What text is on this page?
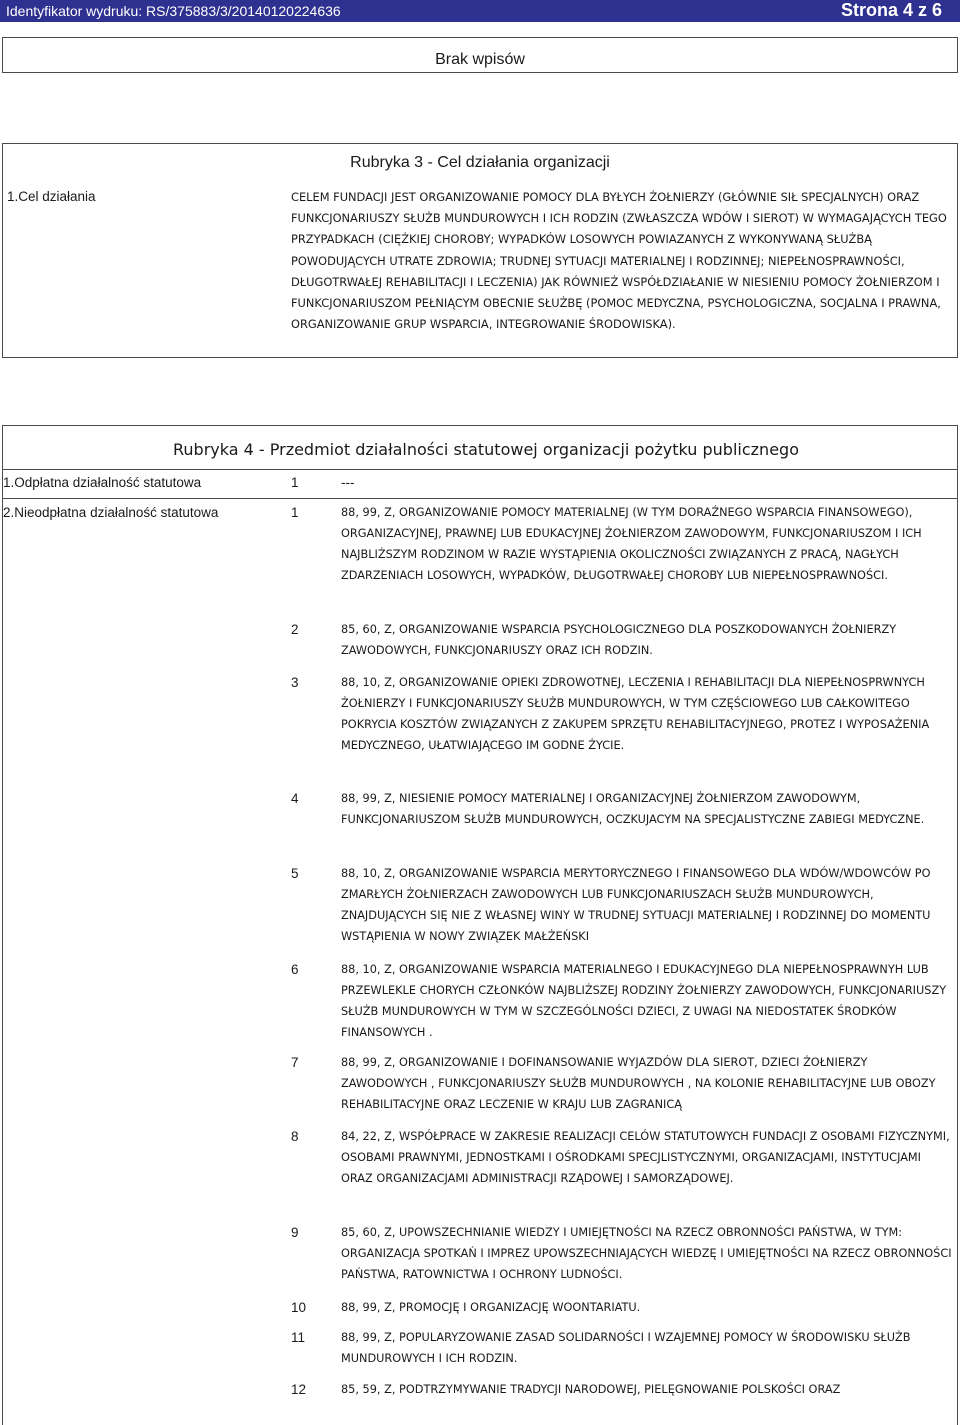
Identyfikator wydruku: RS/375883/3/20140120224636	Strona 4 z 6
Brak wpisów
Rubryka 3 - Cel działania organizacji
1.Cel działania	CELEM FUNDACJI JEST ORGANIZOWANIE POMOCY DLA BYŁYCH ŻOŁNIERZY (GŁÓWNIE SIŁ SPECJALNYCH) ORAZ FUNKCJONARIUSZY SŁUŻB MUNDUROWYCH I ICH RODZIN (ZWŁASZCZA WDÓW I SIEROT) W WYMAGAJĄCYCH TEGO PRZYPADKACH (CIĘŻKIEJ CHOROBY; WYPADKÓW LOSOWYCH POWIAZANYCH Z WYKONYWANĄ SŁUŻBĄ POWODUJĄCYCH UTRATE ZDROWIA; TRUDNEJ SYTUACJI MATERIALNEJ I RODZINNEJ; NIEPEŁNOSPRAWNOŚCI, DŁUGOTRWAŁEJ REHABILITACJI I LECZENIA) JAK RÓWNIEŻ WSPÓŁDZIAŁANIE W NIESIENIU POMOCY ŻOŁNIERZOM I FUNKCJONARIUSZOM PEŁNIĄCYM OBECNIE SŁUŻBĘ (POMOC MEDYCZNA, PSYCHOLOGICZNA, SOCJALNA I PRAWNA, ORGANIZOWANIE GRUP WSPARCIA, INTEGROWANIE ŚRODOWISKA).
Rubryka 4 - Przedmiot działalności statutowej organizacji pożytku publicznego
1.Odpłatna działalność statutowa	1	---
2.Nieodpłatna działalność statutowa	1	88, 99, Z, ORGANIZOWANIE POMOCY MATERIALNEJ (W TYM DORAŹNEGO WSPARCIA FINANSOWEGO), ORGANIZACYJNEJ, PRAWNEJ LUB EDUKACYJNEJ ŻOŁNIERZOM ZAWODOWYM, FUNKCJONARIUSZOM I ICH NAJBLIŻSZYM RODZINOM W RAZIE WYSTĄPIENIA OKOLICZNOŚCI ZWIĄZANYCH Z PRACĄ, NAGŁYCH ZDARZENIACH LOSOWYCH, WYPADKÓW, DŁUGOTRWAŁEJ CHOROBY LUB NIEPEŁNOSPRAWNOŚCI.
2	85, 60, Z, ORGANIZOWANIE WSPARCIA PSYCHOLOGICZNEGO DLA POSZKODOWANYCH ŻOŁNIERZY ZAWODOWYCH, FUNKCJONARIUSZY ORAZ ICH RODZIN.
3	88, 10, Z, ORGANIZOWANIE OPIEKI ZDROWOTNEJ, LECZENIA I REHABILITACJI DLA NIEPEŁNOSPRWNYCH ŻOŁNIERZY I FUNKCJONARIUSZY SŁUŻB MUNDUROWYCH, W TYM CZĘŚCIOWEGO LUB CAŁKOWITEGO POKRYCIA KOSZTÓW ZWIĄZANYCH Z ZAKUPEM SPRZĘTU REHABILITACYJNEGO, PROTEZ I WYPOSAŻENIA MEDYCZNEGO, UŁATWIAJĄCEGO IM GODNE ŻYCIE.
4	88, 99, Z, NIESIENIE POMOCY MATERIALNEJ I ORGANIZACYJNEJ ŻOŁNIERZOM ZAWODOWYM, FUNKCJONARIUSZOM SŁUŻB MUNDUROWYCH, OCZKUJACYM NA SPECJALISTYCZNE ZABIEGI MEDYCZNE.
5	88, 10, Z, ORGANIZOWANIE WSPARCIA MERYTORYCZNEGO I FINANSOWEGO DLA WDÓW/WDOWCÓW PO ZMARŁYCH ŻOŁNIERZACH ZAWODOWYCH LUB FUNKCJONARIUSZACH SŁUŻB MUNDUROWYCH, ZNAJDUJĄCYCH SIĘ NIE Z WŁASNEJ WINY W TRUDNEJ SYTUACJI MATERIALNEJ I RODZINNEJ DO MOMENTU WSTĄPIENIA W NOWY ZWIĄZEK MAŁŻEŃSKI
6	88, 10, Z, ORGANIZOWANIE WSPARCIA MATERIALNEGO I EDUKACYJNEGO DLA NIEPEŁNOSPRAWNYH LUB PRZEWLEKLE CHORYCH CZŁONKÓW NAJBLIŻSZEJ RODZINY ŻOŁNIERZY ZAWODOWYCH, FUNKCJONARIUSZY SŁUŻB MUNDUROWYCH W TYM W SZCZEGÓLNOŚCI DZIECI, Z UWAGI NA NIEDOSTATEK ŚRODKÓW FINANSOWYCH .
7	88, 99, Z, ORGANIZOWANIE I DOFINANSOWANIE WYJAZDÓW DLA SIEROT, DZIECI ŻOŁNIERZY ZAWODOWYCH , FUNKCJONARIUSZY SŁUŻB MUNDUROWYCH , NA KOLONIE REHABILITACYJNE LUB OBOZY REHABILITACYJNE ORAZ LECZENIE W KRAJU LUB ZAGRANICĄ
8	84, 22, Z, WSPÓŁPRACE W ZAKRESIE REALIZACJI CELÓW STATUTOWYCH FUNDACJI Z OSOBAMI FIZYCZNYMI, OSOBAMI PRAWNYMI, JEDNOSTKAMI I OŚRODKAMI SPECJLISTYCZNYMI, ORGANIZACJAMI, INSTYTUCJAMI ORAZ ORGANIZACJAMI ADMINISTRACJI RZĄDOWEJ I SAMORZĄDOWEJ.
9	85, 60, Z, UPOWSZECHNIANIE WIEDZY I UMIEJĘTNOŚCI NA RZECZ OBRONNOŚCI PAŃSTWA, W TYM: ORGANIZACJA SPOTKAŃ I IMPREZ UPOWSZECHNIAJĄCYCH WIEDZĘ I UMIEJĘTNOŚCI NA RZECZ OBRONNOŚCI PAŃSTWA, RATOWNICTWA I OCHRONY LUDNOŚCI.
10	88, 99, Z, PROMOCJĘ I ORGANIZACJĘ WOONTARIATU.
11	88, 99, Z, POPULARYZOWANIE ZASAD SOLIDARNOŚCI I WZAJEMNEJ POMOCY W ŚRODOWISKU SŁUŻB MUNDUROWYCH I ICH RODZIN.
12	85, 59, Z, PODTRZYMYWANIE TRADYCJI NARODOWEJ, PIELĘGNOWANIE POLSKOŚCI ORAZ
